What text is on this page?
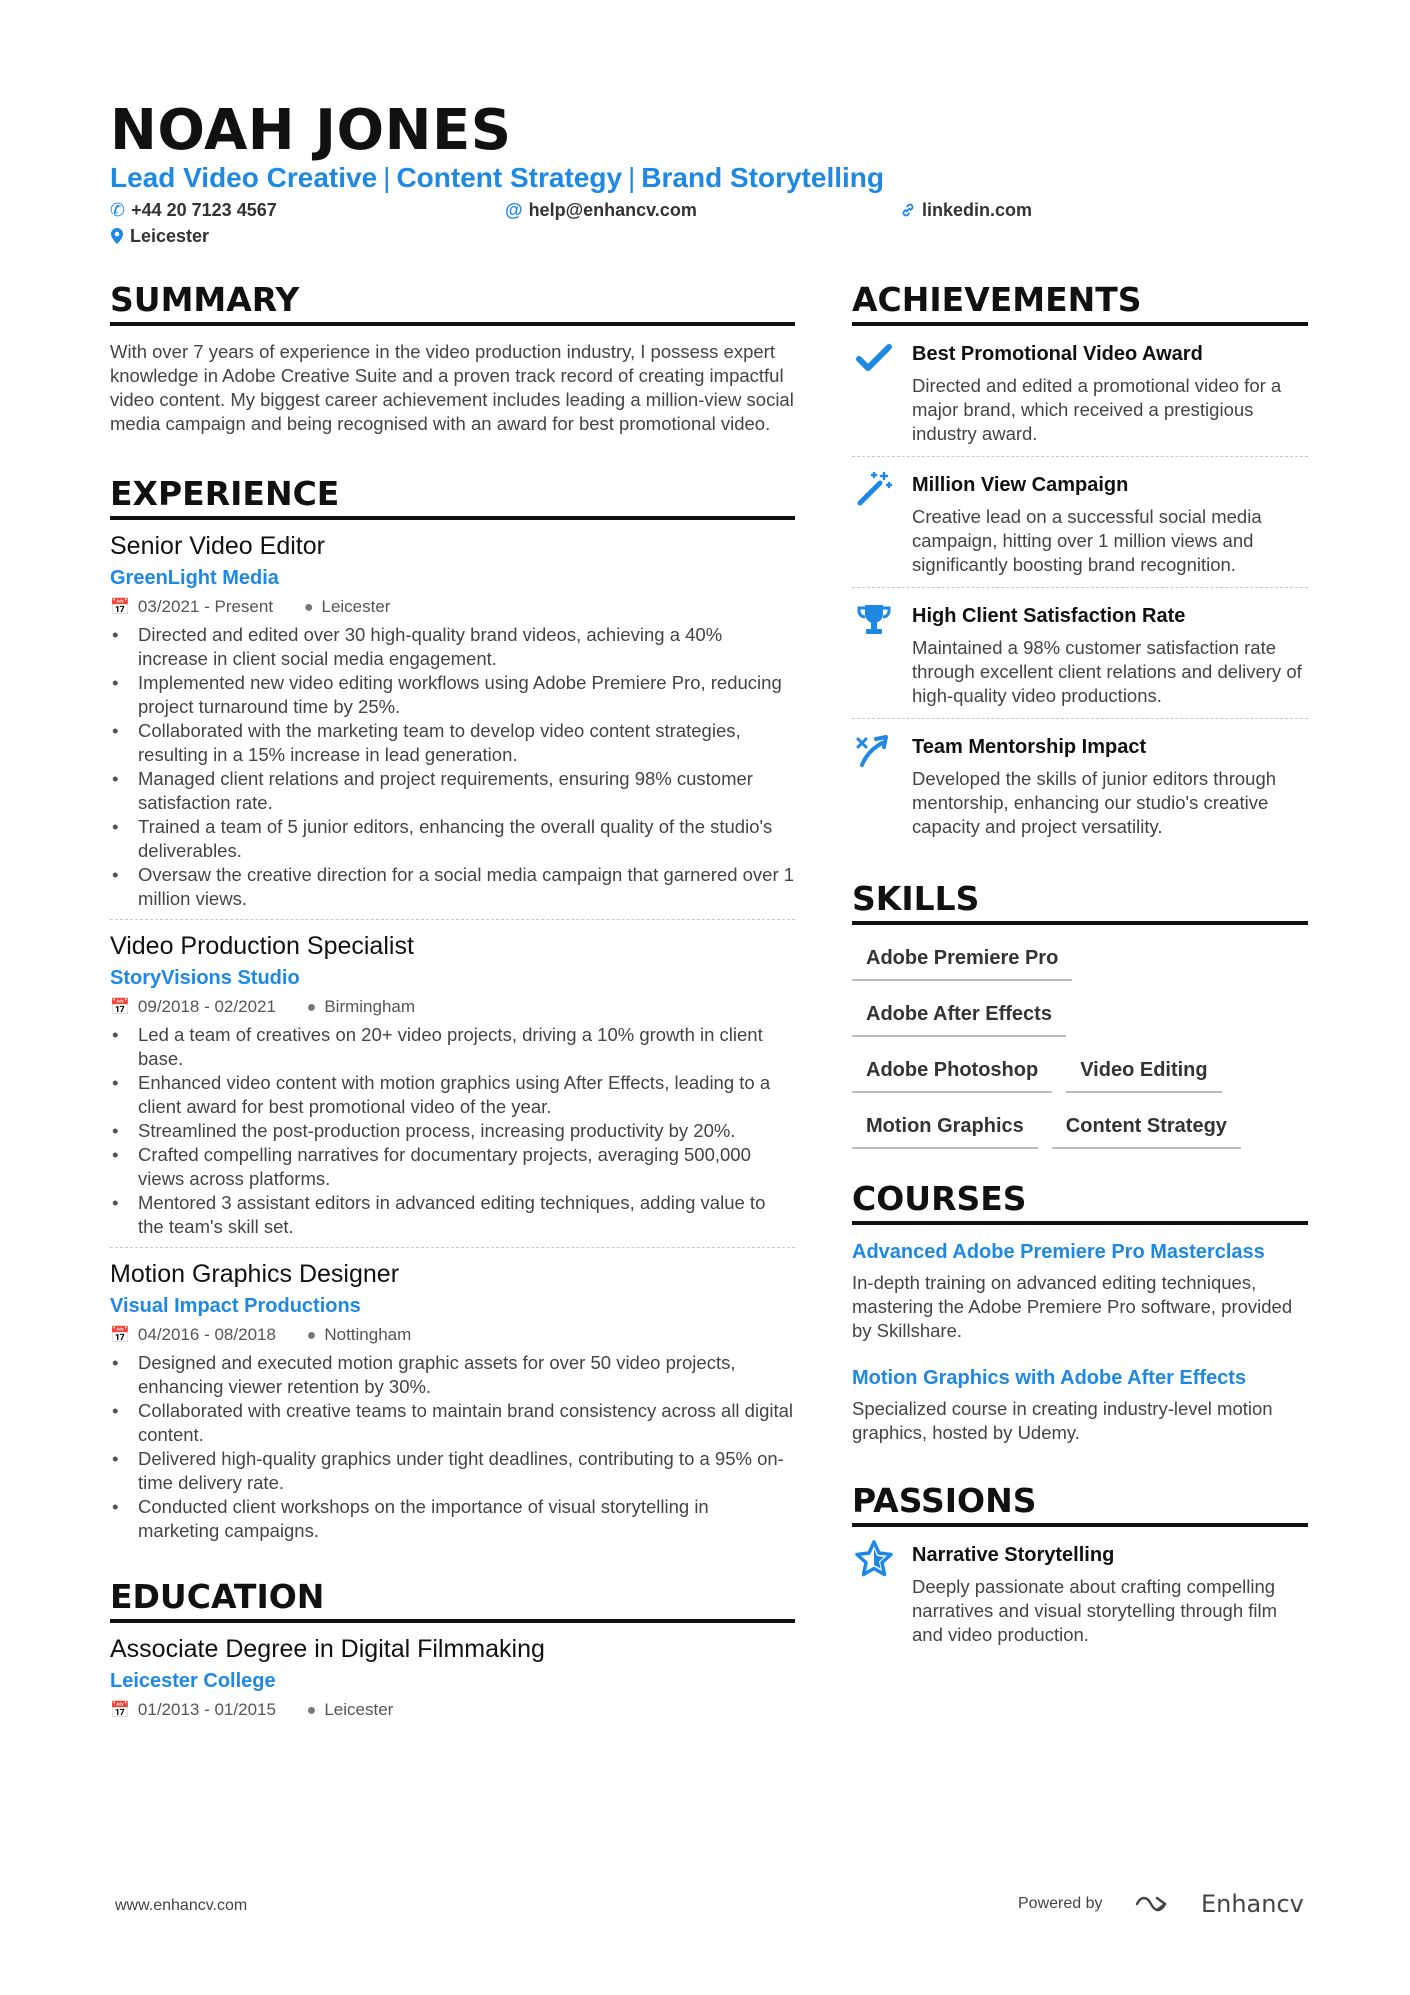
NOAH JONES
Lead Video Creative | Content Strategy | Brand Storytelling
✆ +44 20 7123 4567	@ help@enhancv.com	linkedin.com
Leicester
SUMMARY

With over 7 years of experience in the video production industry, I possess expert knowledge in Adobe Creative Suite and a proven track record of creating impactful video content. My biggest career achievement includes leading a million-view social media campaign and being recognised with an award for best promotional video.

EXPERIENCE

Senior Video Editor

GreenLight Media

📅 03/2021 - Present ● Leicester
• Directed and edited over 30 high-quality brand videos, achieving a 40% increase in client social media engagement.
• Implemented new video editing workflows using Adobe Premiere Pro, reducing project turnaround time by 25%.
• Collaborated with the marketing team to develop video content strategies, resulting in a 15% increase in lead generation.
• Managed client relations and project requirements, ensuring 98% customer satisfaction rate.
• Trained a team of 5 junior editors, enhancing the overall quality of the studio's deliverables.
• Oversaw the creative direction for a social media campaign that garnered over 1 million views.

Video Production Specialist

StoryVisions Studio

📅 09/2018 - 02/2021 ● Birmingham
• Led a team of creatives on 20+ video projects, driving a 10% growth in client base.
• Enhanced video content with motion graphics using After Effects, leading to a client award for best promotional video of the year.
• Streamlined the post-production process, increasing productivity by 20%.
• Crafted compelling narratives for documentary projects, averaging 500,000 views across platforms.
• Mentored 3 assistant editors in advanced editing techniques, adding value to the team's skill set.

Motion Graphics Designer

Visual Impact Productions

📅 04/2016 - 08/2018 ● Nottingham
• Designed and executed motion graphic assets for over 50 video projects, enhancing viewer retention by 30%.
• Collaborated with creative teams to maintain brand consistency across all digital content.
• Delivered high-quality graphics under tight deadlines, contributing to a 95% on-time delivery rate.
• Conducted client workshops on the importance of visual storytelling in marketing campaigns.
EDUCATION

Associate Degree in Digital Filmmaking

Leicester College

📅 01/2013 - 01/2015 ● Leicester
ACHIEVEMENTS

Best Promotional Video Award

Directed and edited a promotional video for a major brand, which received a prestigious industry award.

Million View Campaign

Creative lead on a successful social media campaign, hitting over 1 million views and significantly boosting brand recognition.

High Client Satisfaction Rate

Maintained a 98% customer satisfaction rate through excellent client relations and delivery of high-quality video productions.

Team Mentorship Impact

Developed the skills of junior editors through mentorship, enhancing our studio's creative capacity and project versatility.

SKILLS
Adobe Premiere Pro
Adobe After Effects
Adobe Photoshop	Video Editing
Motion Graphics	Content Strategy
COURSES

Advanced Adobe Premiere Pro Masterclass

In-depth training on advanced editing techniques, mastering the Adobe Premiere Pro software, provided by Skillshare.

Motion Graphics with Adobe After Effects

Specialized course in creating industry-level motion graphics, hosted by Udemy.

PASSIONS

Narrative Storytelling

Deeply passionate about crafting compelling narratives and visual storytelling through film and video production.

www.enhancv.com	Powered by	Enhancv
